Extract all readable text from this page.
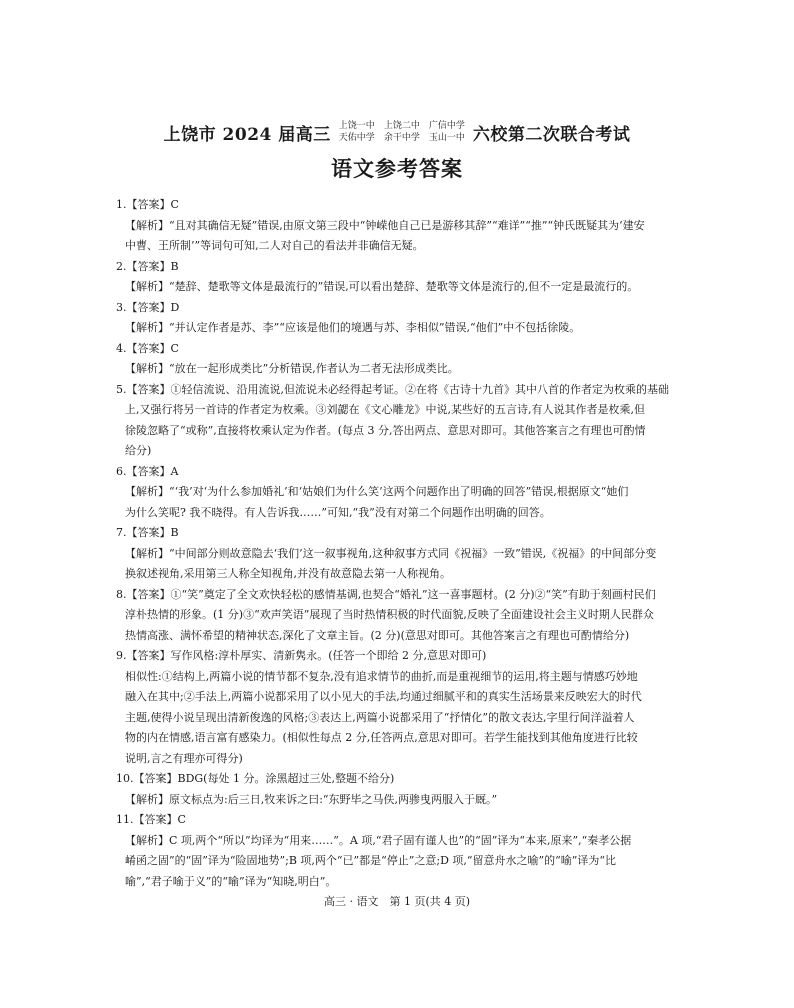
上饶市 2024 届高三 上饶一中 上饶二中 广信中学
天佑中学 余干中学 玉山一中 六校第二次联合考试
语文参考答案
1.【答案】C
【解析】“且对其确信无疑”错误,由原文第三段中“钟嵘他自己已是游移其辞”“难详”“推”“钟氏既疑其为‘建安
中曹、王所制’”等词句可知,二人对自己的看法并非确信无疑。
2.【答案】B
【解析】“楚辞、楚歌等文体是最流行的”错误,可以看出楚辞、楚歌等文体是流行的,但不一定是最流行的。
3.【答案】D
【解析】“并认定作者是苏、李”“应该是他们的境遇与苏、李相似”错误,“他们”中不包括徐陵。
4.【答案】C
【解析】“放在一起形成类比”分析错误,作者认为二者无法形成类比。
5.【答案】①轻信流说、沿用流说,但流说未必经得起考证。②在将《古诗十九首》其中八首的作者定为枚乘的基础
上,又强行将另一首诗的作者定为枚乘。③刘勰在《文心雕龙》中说,某些好的五言诗,有人说其作者是枚乘,但
徐陵忽略了“或称”,直接将枚乘认定为作者。(每点 3 分,答出两点、意思对即可。其他答案言之有理也可酌情
给分)
6.【答案】A
【解析】“‘我’对‘为什么参加婚礼’和‘姑娘们为什么笑’这两个问题作出了明确的回答”错误,根据原文“她们
为什么笑呢? 我不晓得。有人告诉我……”可知,“我”没有对第二个问题作出明确的回答。
7.【答案】B
【解析】“中间部分则故意隐去‘我们’这一叙事视角,这种叙事方式同《祝福》一致”错误,《祝福》的中间部分变
换叙述视角,采用第三人称全知视角,并没有故意隐去第一人称视角。
8.【答案】①“笑”奠定了全文欢快轻松的感情基调,也契合“婚礼”这一喜事题材。(2 分)②“笑”有助于刻画村民们
淳朴热情的形象。(1 分)③“欢声笑语”展现了当时热情积极的时代面貌,反映了全面建设社会主义时期人民群众
热情高涨、满怀希望的精神状态,深化了文章主旨。(2 分)(意思对即可。其他答案言之有理也可酌情给分)
9.【答案】写作风格:淳朴厚实、清新隽永。(任答一个即给 2 分,意思对即可)
相似性:①结构上,两篇小说的情节都不复杂,没有追求情节的曲折,而是重视细节的运用,将主题与情感巧妙地
融入在其中;②手法上,两篇小说都采用了以小见大的手法,均通过细腻平和的真实生活场景来反映宏大的时代
主题,使得小说呈现出清新俊逸的风格;③表达上,两篇小说都采用了“抒情化”的散文表达,字里行间洋溢着人
物的内在情感,语言富有感染力。(相似性每点 2 分,任答两点,意思对即可。若学生能找到其他角度进行比较
说明,言之有理亦可得分)
10.【答案】BDG(每处 1 分。涂黑超过三处,整题不给分)
【解析】原文标点为:后三日,牧来诉之曰:“东野毕之马佚,两骖曳两服入于厩。”
11.【答案】C
【解析】C 项,两个“所以”均译为“用来……”。A 项,“君子固有谨人也”的“固”译为“本来,原来”,“秦孝公据
崤函之固”的“固”译为“险固地势”;B 项,两个“已”都是“停止”之意;D 项,“留意舟水之喻”的“喻”译为“比
喻”,“君子喻于义”的“喻”译为“知晓,明白”。
高三 · 语文　第 1 页(共 4 页)
